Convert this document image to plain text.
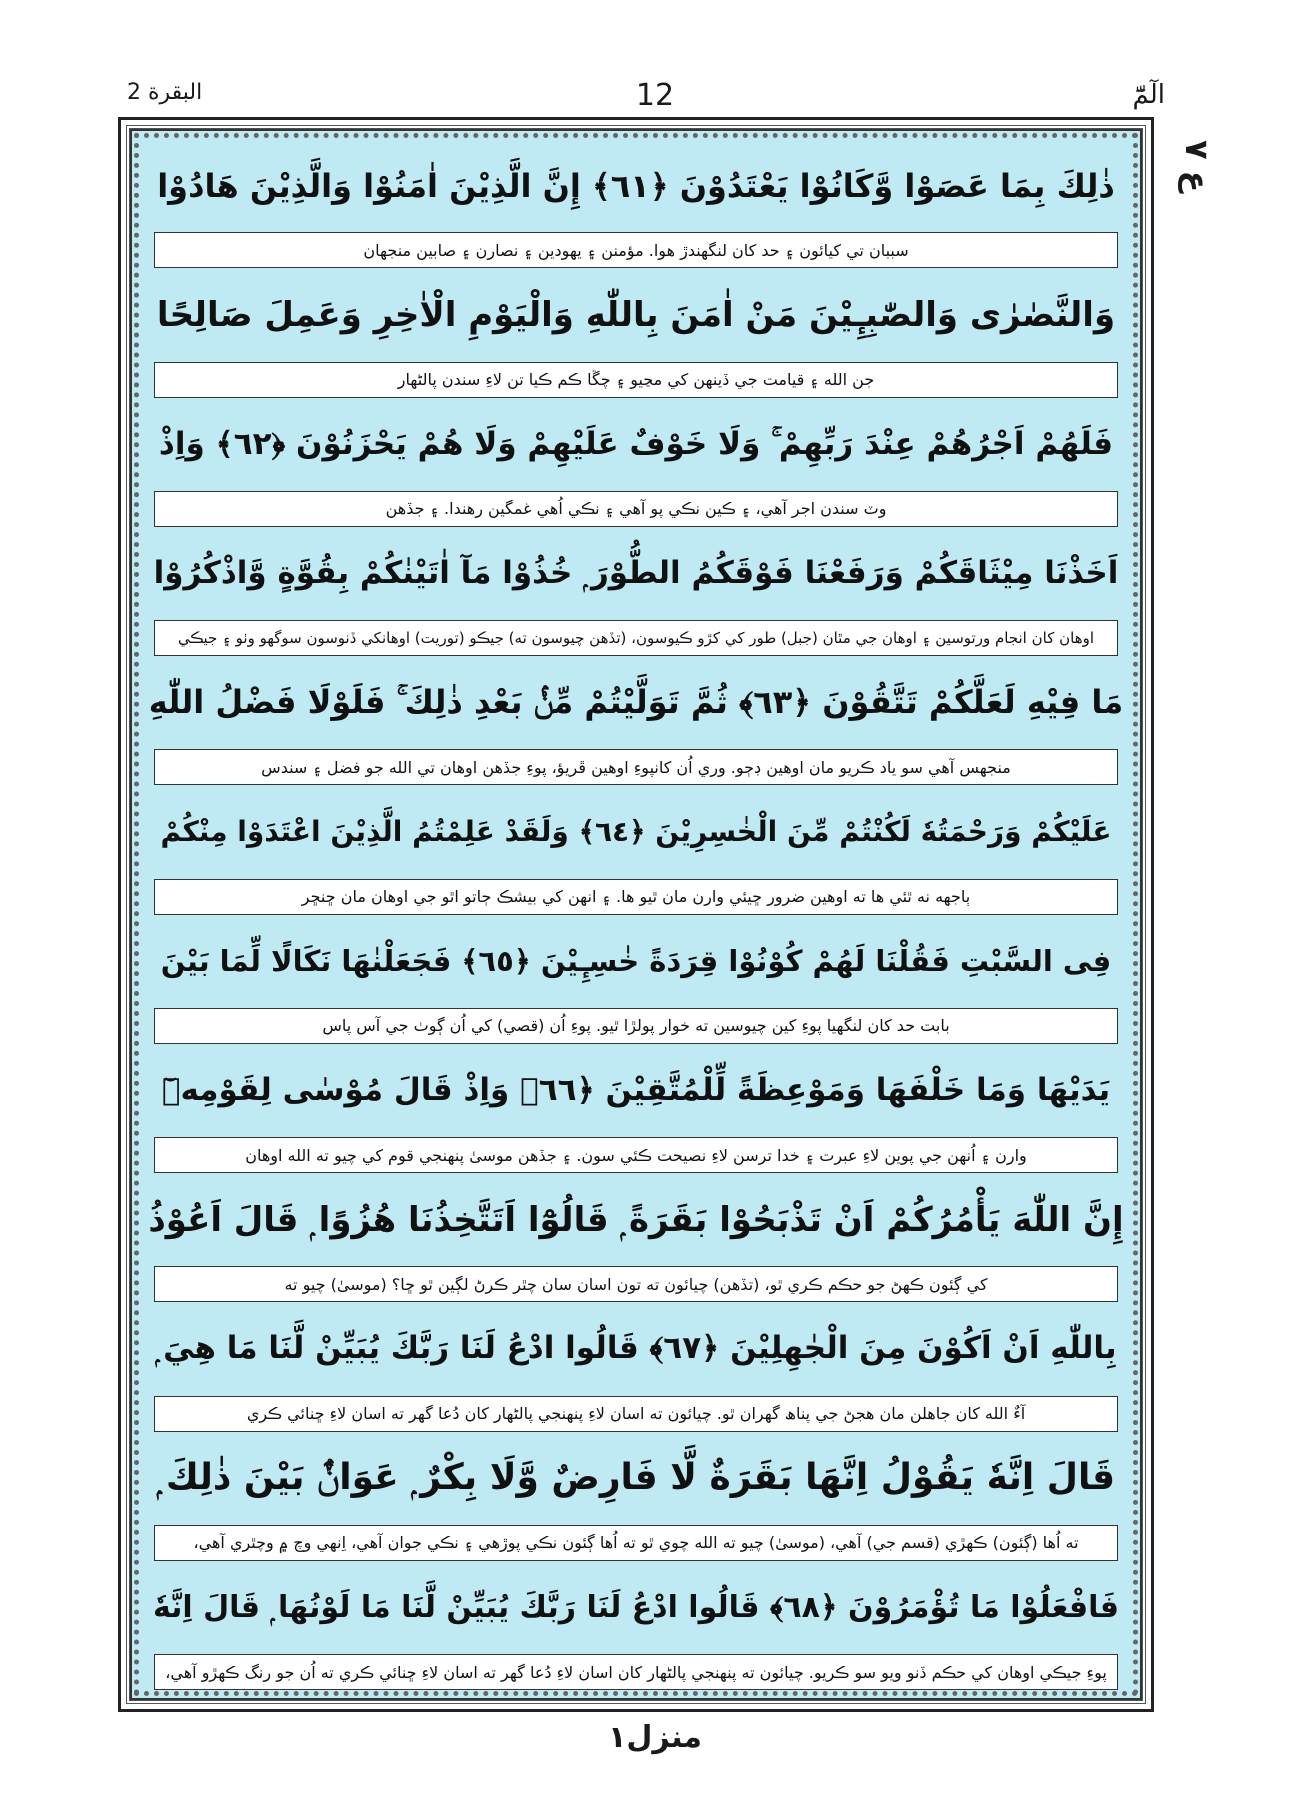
الٓمّٓ
12
البقرة 2
ع ٧
ذٰلِكَ بِمَا عَصَوْا وَّكَانُوْا يَعْتَدُوْنَ ﴿٦١﴾ إِنَّ الَّذِيْنَ اٰمَنُوْا وَالَّذِيْنَ هَادُوْا
سببان تي کيائون ۽ حد کان لنگھندڙ ھوا. مؤمنن ۽ يھودين ۽ نصارن ۽ صابين منجھان
وَالنَّصٰرٰى وَالصّٰبِـِٕيْنَ مَنْ اٰمَنَ بِاللّٰهِ وَالْيَوْمِ الْاٰخِرِ وَعَمِلَ صَالِحًا
جن الله ۽ قيامت جي ڏينھن کي مڃيو ۽ چڱا ڪم ڪيا تن لاءِ سندن پالڻھار
فَلَهُمْ اَجْرُهُمْ عِنْدَ رَبِّهِمْ ۚ وَلَا خَوْفٌ عَلَيْهِمْ وَلَا هُمْ يَحْزَنُوْنَ ﴿٦٢﴾ وَاِذْ
وٽ سندن اجر آھي، ۽ ڪين نڪي پو آھي ۽ نڪي اُھي غمگين رھندا. ۽ جڏھن
اَخَذْنَا مِيْثَاقَكُمْ وَرَفَعْنَا فَوْقَكُمُ الطُّوْرَ ۭ خُذُوْا مَآ اٰتَيْنٰكُمْ بِقُوَّةٍ وَّاذْكُرُوْا
اوھان کان انجام ورتوسين ۽ اوھان جي مٿان (جبل) طور کي کڙو ڪيوسون، (تڏھن چيوسون ته) جيڪو (توريت) اوھانکي ڏنوسون سوگھو وٺو ۽ جيڪي
مَا فِيْهِ لَعَلَّكُمْ تَتَّقُوْنَ ﴿٦٣﴾ ثُمَّ تَوَلَّيْتُمْ مِّنْۢ بَعْدِ ذٰلِكَ ۚ فَلَوْلَا فَضْلُ اللّٰهِ
منجھس آھي سو ياد ڪريو مان اوھين ڊڄو. وري اُن کانپوءِ اوھين ڦريؤ، پوءِ جڏھن اوھان تي الله جو فضل ۽ سندس
عَلَيْكُمْ وَرَحْمَتُهٗ لَكُنْتُمْ مِّنَ الْخٰسِرِيْنَ ﴿٦٤﴾ وَلَقَدْ عَلِمْتُمُ الَّذِيْنَ اعْتَدَوْا مِنْكُمْ
ٻاجھه نه ٿئي ھا ته اوھين ضرور ڇيئي وارن مان ٿيو ھا. ۽ انھن کي بيشڪ ڄاتو اٿو جي اوھان مان ڇنڇر
فِى السَّبْتِ فَقُلْنَا لَهُمْ كُوْنُوْا قِرَدَةً خٰسِـِٕيْنَ ﴿٦٥﴾ فَجَعَلْنٰهَا نَكَالًا لِّمَا بَيْنَ
بابت حد کان لنگھيا پوءِ کين چيوسين ته خوار پولڙا ٿيو. پوءِ اُن (قصي) کي اُن ڳوٺ جي آس پاس
يَدَيْهَا وَمَا خَلْفَهَا وَمَوْعِظَةً لِّلْمُتَّقِيْنَ ﴿٦٦﴾ وَاِذْ قَالَ مُوْسٰى لِقَوْمِهٖٓ
وارن ۽ اُنھن جي پوين لاءِ عبرت ۽ خدا ترسن لاءِ نصيحت ڪئي سون. ۽ جڏھن موسىٰ پنھنجي قوم کي چيو ته الله اوھان
إِنَّ اللّٰهَ يَأْمُرُكُمْ اَنْ تَذْبَحُوْا بَقَرَةً ۭ قَالُوْٓا اَتَتَّخِذُنَا هُزُوًا ۭ قَالَ اَعُوْذُ
کي ڳئون ڪھڻ جو حڪم ڪري ٿو، (تڏھن) چيائون ته تون اسان سان چٿر ڪرڻ لڳين ٿو ڇا؟ (موسىٰ) چيو ته
بِاللّٰهِ اَنْ اَكُوْنَ مِنَ الْجٰهِلِيْنَ ﴿٦٧﴾ قَالُوا ادْعُ لَنَا رَبَّكَ يُبَيِّنْ لَّنَا مَا هِيَ ۭ
آءٌ الله کان جاھلن مان ھجڻ جي پناھ گھران ٿو. چيائون ته اسان لاءِ پنھنجي پالڻھار کان دُعا گھر ته اسان لاءِ ڇنائي ڪري
قَالَ اِنَّهٗ يَقُوْلُ اِنَّهَا بَقَرَةٌ لَّا فَارِضٌ وَّلَا بِكْرٌ ۭ عَوَانٌۢ بَيْنَ ذٰلِكَ ۭ
ته اُھا (ڳئون) ڪھڙي (قسم جي) آھي، (موسىٰ) چيو ته الله چوي ٿو ته اُھا ڳئون نڪي پوڙھي ۽ نڪي جوان آھي، اِنھي وچ ۾ وچٿري آھي،
فَافْعَلُوْا مَا تُؤْمَرُوْنَ ﴿٦٨﴾ قَالُوا ادْعُ لَنَا رَبَّكَ يُبَيِّنْ لَّنَا مَا لَوْنُهَا ۭ قَالَ اِنَّهٗ
پوءِ جيڪي اوھان کي حڪم ڏنو ويو سو ڪريو. چيائون ته پنھنجي پالڻھار کان اسان لاءِ دُعا گھر ته اسان لاءِ ڇنائي ڪري ته اُن جو رنگ ڪھڙو آھي،
منزل١
